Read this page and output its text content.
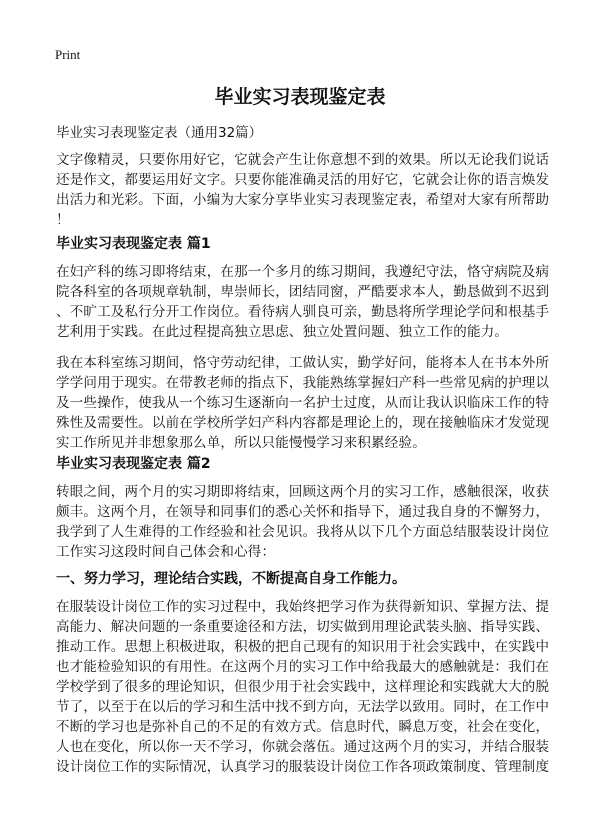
Print
毕业实习表现鉴定表
毕业实习表现鉴定表（通用32篇）
文字像精灵，只要你用好它，它就会产生让你意想不到的效果。所以无论我们说话
还是作文，都要运用好文字。只要你能准确灵活的用好它，它就会让你的语言焕发
出活力和光彩。下面，小编为大家分享毕业实习表现鉴定表，希望对大家有所帮助
！
毕业实习表现鉴定表 篇1
在妇产科的练习即将结束，在那一个多月的练习期间，我遵纪守法，恪守病院及病
院各科室的各项规章轨制，卑崇师长，团结同窗，严酷要求本人，勤恳做到不迟到
、不旷工及私行分开工作岗位。看待病人驯良可亲，勤恳将所学理论学问和根基手
艺利用于实践。在此过程提高独立思虑、独立处置问题、独立工作的能力。
我在本科室练习期间，恪守劳动纪律，工做认实，勤学好问，能将本人在书本外所
学学问用于现实。在带教老师的指点下，我能熟练掌握妇产科一些常见病的护理以
及一些操作，使我从一个练习生逐渐向一名护士过度，从而让我认识临床工作的特
殊性及需要性。以前在学校所学妇产科内容都是理论上的，现在接触临床才发觉现
实工作所见并非想象那么单，所以只能慢慢学习来积累经验。
毕业实习表现鉴定表 篇2
转眼之间，两个月的实习期即将结束，回顾这两个月的实习工作，感触很深，收获
颇丰。这两个月，在领导和同事们的悉心关怀和指导下，通过我自身的不懈努力，
我学到了人生难得的工作经验和社会见识。我将从以下几个方面总结服装设计岗位
工作实习这段时间自己体会和心得：
一、努力学习，理论结合实践，不断提高自身工作能力。
在服装设计岗位工作的实习过程中，我始终把学习作为获得新知识、掌握方法、提
高能力、解决问题的一条重要途径和方法，切实做到用理论武装头脑、指导实践、
推动工作。思想上积极进取，积极的把自己现有的知识用于社会实践中，在实践中
也才能检验知识的有用性。在这两个月的实习工作中给我最大的感触就是：我们在
学校学到了很多的理论知识，但很少用于社会实践中，这样理论和实践就大大的脱
节了，以至于在以后的学习和生活中找不到方向，无法学以致用。同时，在工作中
不断的学习也是弥补自己的不足的有效方式。信息时代，瞬息万变，社会在变化，
人也在变化，所以你一天不学习，你就会落伍。通过这两个月的实习，并结合服装
设计岗位工作的实际情况，认真学习的服装设计岗位工作各项政策制度、管理制度
